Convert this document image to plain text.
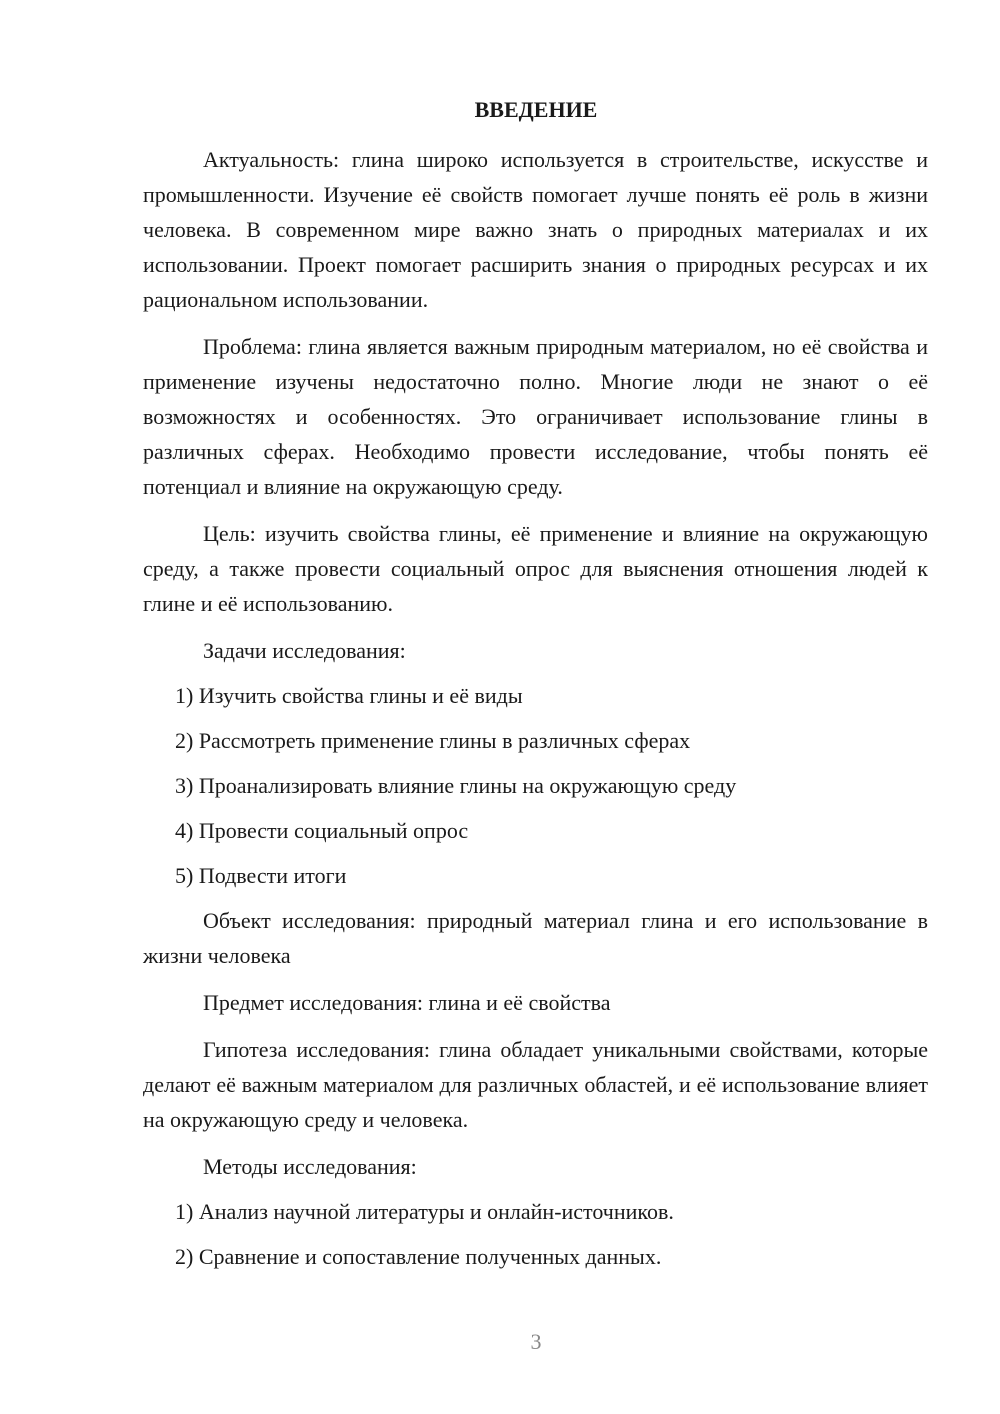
ВВЕДЕНИЕ

Актуальность: глина широко используется в строительстве, искусстве и промышленности. Изучение её свойств помогает лучше понять её роль в жизни человека. В современном мире важно знать о природных материалах и их использовании. Проект помогает расширить знания о природных ресурсах и их рациональном использовании.

Проблема: глина является важным природным материалом, но её свойства и применение изучены недостаточно полно. Многие люди не знают о её возможностях и особенностях. Это ограничивает использование глины в различных сферах. Необходимо провести исследование, чтобы понять её потенциал и влияние на окружающую среду.

Цель: изучить свойства глины, её применение и влияние на окружающую среду, а также провести социальный опрос для выяснения отношения людей к глине и её использованию.

Задачи исследования:

1) Изучить свойства глины и её виды
2) Рассмотреть применение глины в различных сферах
3) Проанализировать влияние глины на окружающую среду
4) Провести социальный опрос
5) Подвести итоги

Объект исследования: природный материал глина и его использование в жизни человека

Предмет исследования: глина и её свойства

Гипотеза исследования: глина обладает уникальными свойствами, которые делают её важным материалом для различных областей, и её использование влияет на окружающую среду и человека.

Методы исследования:

1) Анализ научной литературы и онлайн-источников.
2) Сравнение и сопоставление полученных данных.
3
